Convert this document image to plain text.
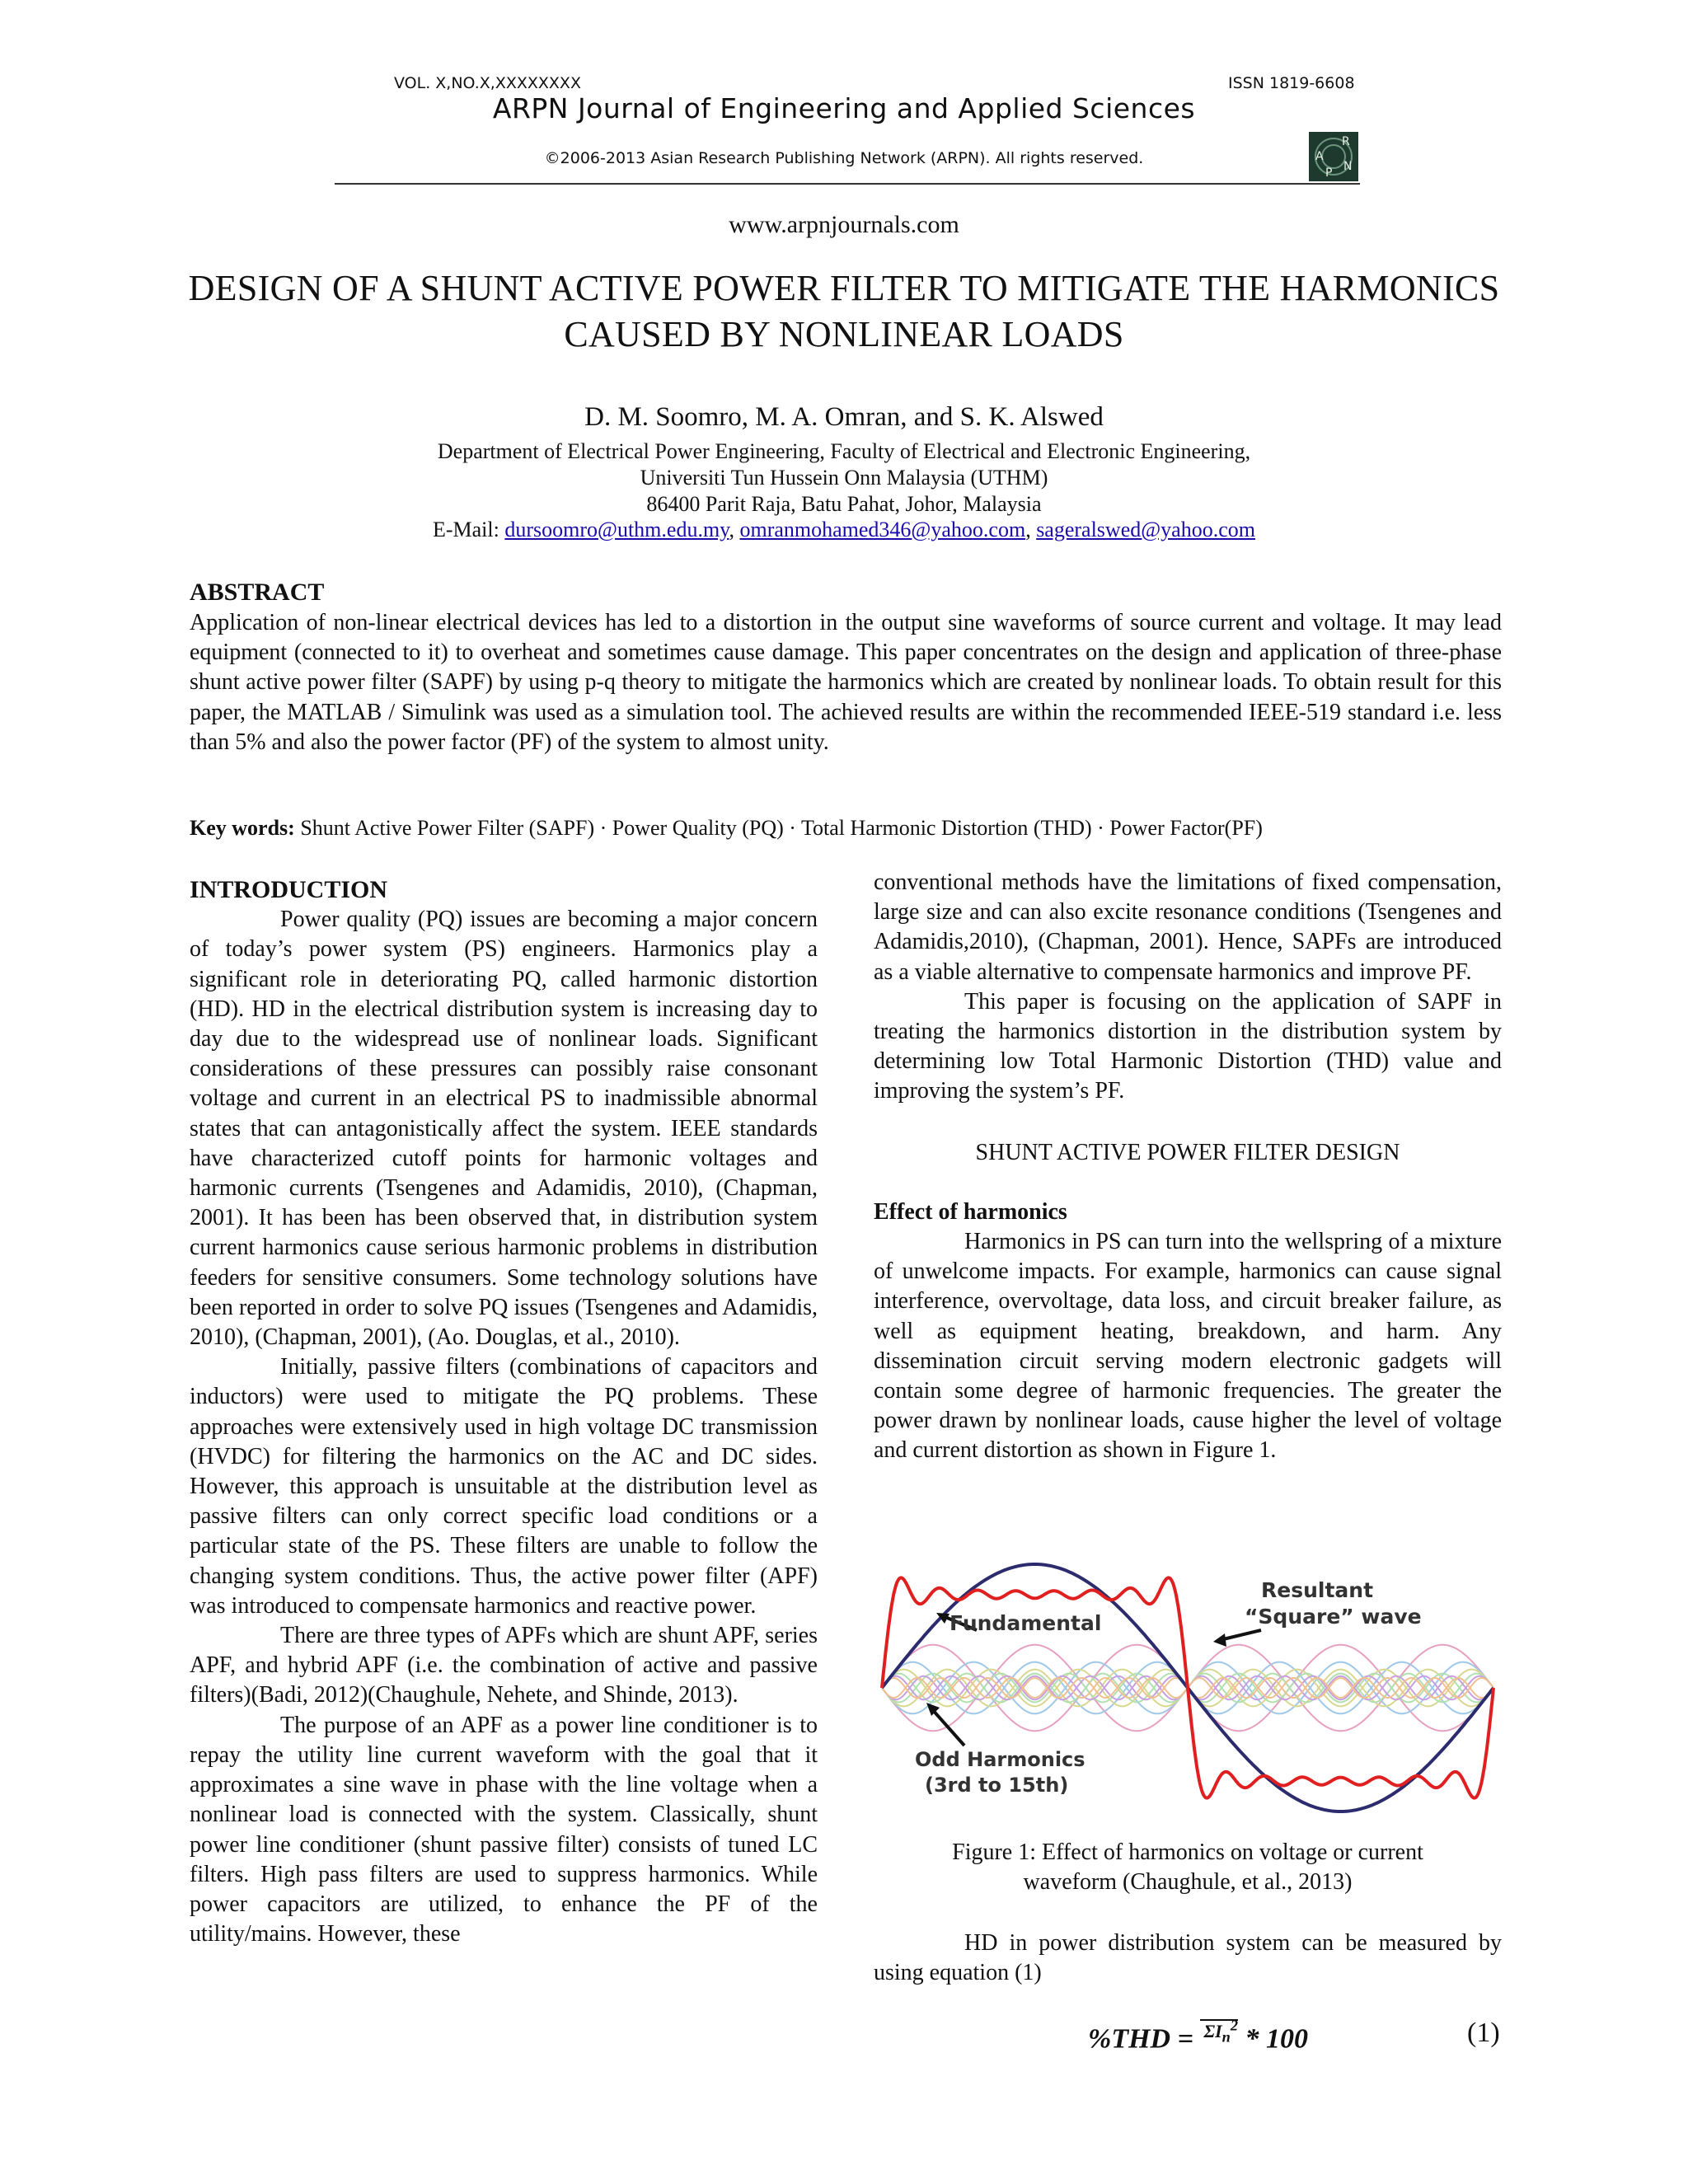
VOL. X,NO.X,XXXXXXXX	ISSN 1819-6608
ARPN Journal of Engineering and Applied Sciences
©2006-2013 Asian Research Publishing Network (ARPN). All rights reserved.
R
A
P N
www.arpnjournals.com
DESIGN OF A SHUNT ACTIVE POWER FILTER TO MITIGATE THE HARMONICS
CAUSED BY NONLINEAR LOADS
D. M. Soomro, M. A. Omran, and S. K. Alswed
Department of Electrical Power Engineering, Faculty of Electrical and Electronic Engineering,
Universiti Tun Hussein Onn Malaysia (UTHM)
86400 Parit Raja, Batu Pahat, Johor, Malaysia
E-Mail: dursoomro@uthm.edu.my, omranmohamed346@yahoo.com, sageralswed@yahoo.com
ABSTRACT
Application of non-linear electrical devices has led to a distortion in the output sine waveforms of source current and voltage. It may lead equipment (connected to it) to overheat and sometimes cause damage. This paper concentrates on the design and application of three-phase shunt active power filter (SAPF) by using p-q theory to mitigate the harmonics which are created by nonlinear loads. To obtain result for this paper, the MATLAB / Simulink was used as a simulation tool. The achieved results are within the recommended IEEE-519 standard i.e. less than 5% and also the power factor (PF) of the system to almost unity.
Key words: Shunt Active Power Filter (SAPF) · Power Quality (PQ) · Total Harmonic Distortion (THD) · Power Factor(PF)

INTRODUCTION

Power quality (PQ) issues are becoming a major concern of today’s power system (PS) engineers. Harmonics play a significant role in deteriorating PQ, called harmonic distortion (HD). HD in the electrical distribution system is increasing day to day due to the widespread use of nonlinear loads. Significant considerations of these pressures can possibly raise consonant voltage and current in an electrical PS to inadmissible abnormal states that can antagonistically affect the system. IEEE standards have characterized cutoff points for harmonic voltages and harmonic currents (Tsengenes and Adamidis, 2010), (Chapman, 2001). It has been has been observed that, in distribution system current harmonics cause serious harmonic problems in distribution feeders for sensitive consumers. Some technology solutions have been reported in order to solve PQ issues (Tsengenes and Adamidis, 2010), (Chapman, 2001), (Ao. Douglas, et al., 2010).

Initially, passive filters (combinations of capacitors and inductors) were used to mitigate the PQ problems. These approaches were extensively used in high voltage DC transmission (HVDC) for filtering the harmonics on the AC and DC sides. However, this approach is unsuitable at the distribution level as passive filters can only correct specific load conditions or a particular state of the PS. These filters are unable to follow the changing system conditions. Thus, the active power filter (APF) was introduced to compensate harmonics and reactive power.

There are three types of APFs which are shunt APF, series APF, and hybrid APF (i.e. the combination of active and passive filters)(Badi, 2012)(Chaughule, Nehete, and Shinde, 2013).

The purpose of an APF as a power line conditioner is to repay the utility line current waveform with the goal that it approximates a sine wave in phase with the line voltage when a nonlinear load is connected with the system. Classically, shunt power line conditioner (shunt passive filter) consists of tuned LC filters. High pass filters are used to suppress harmonics. While power capacitors are utilized, to enhance the PF of the utility/mains. However, these

conventional methods have the limitations of fixed compensation, large size and can also excite resonance conditions (Tsengenes and Adamidis,2010), (Chapman, 2001). Hence, SAPFs are introduced as a viable alternative to compensate harmonics and improve PF.

This paper is focusing on the application of SAPF in treating the harmonics distortion in the distribution system by determining low Total Harmonic Distortion (THD) value and improving the system’s PF.

SHUNT ACTIVE POWER FILTER DESIGN

Effect of harmonics

Harmonics in PS can turn into the wellspring of a mixture of unwelcome impacts. For example, harmonics can cause signal interference, overvoltage, data loss, and circuit breaker failure, as well as equipment heating, breakdown, and harm. Any dissemination circuit serving modern electronic gadgets will contain some degree of harmonic frequencies. The greater the power drawn by nonlinear loads, cause higher the level of voltage and current distortion as shown in Figure 1.

Fundamental
Resultant
“Square” wave
Odd Harmonics
(3rd to 15th)
Figure 1: Effect of harmonics on voltage or current
waveform (Chaughule, et al., 2013)

HD in power distribution system can be measured by using equation (1)

%THD = $^{\Sigma I_n^2}$ * 100	(1)
